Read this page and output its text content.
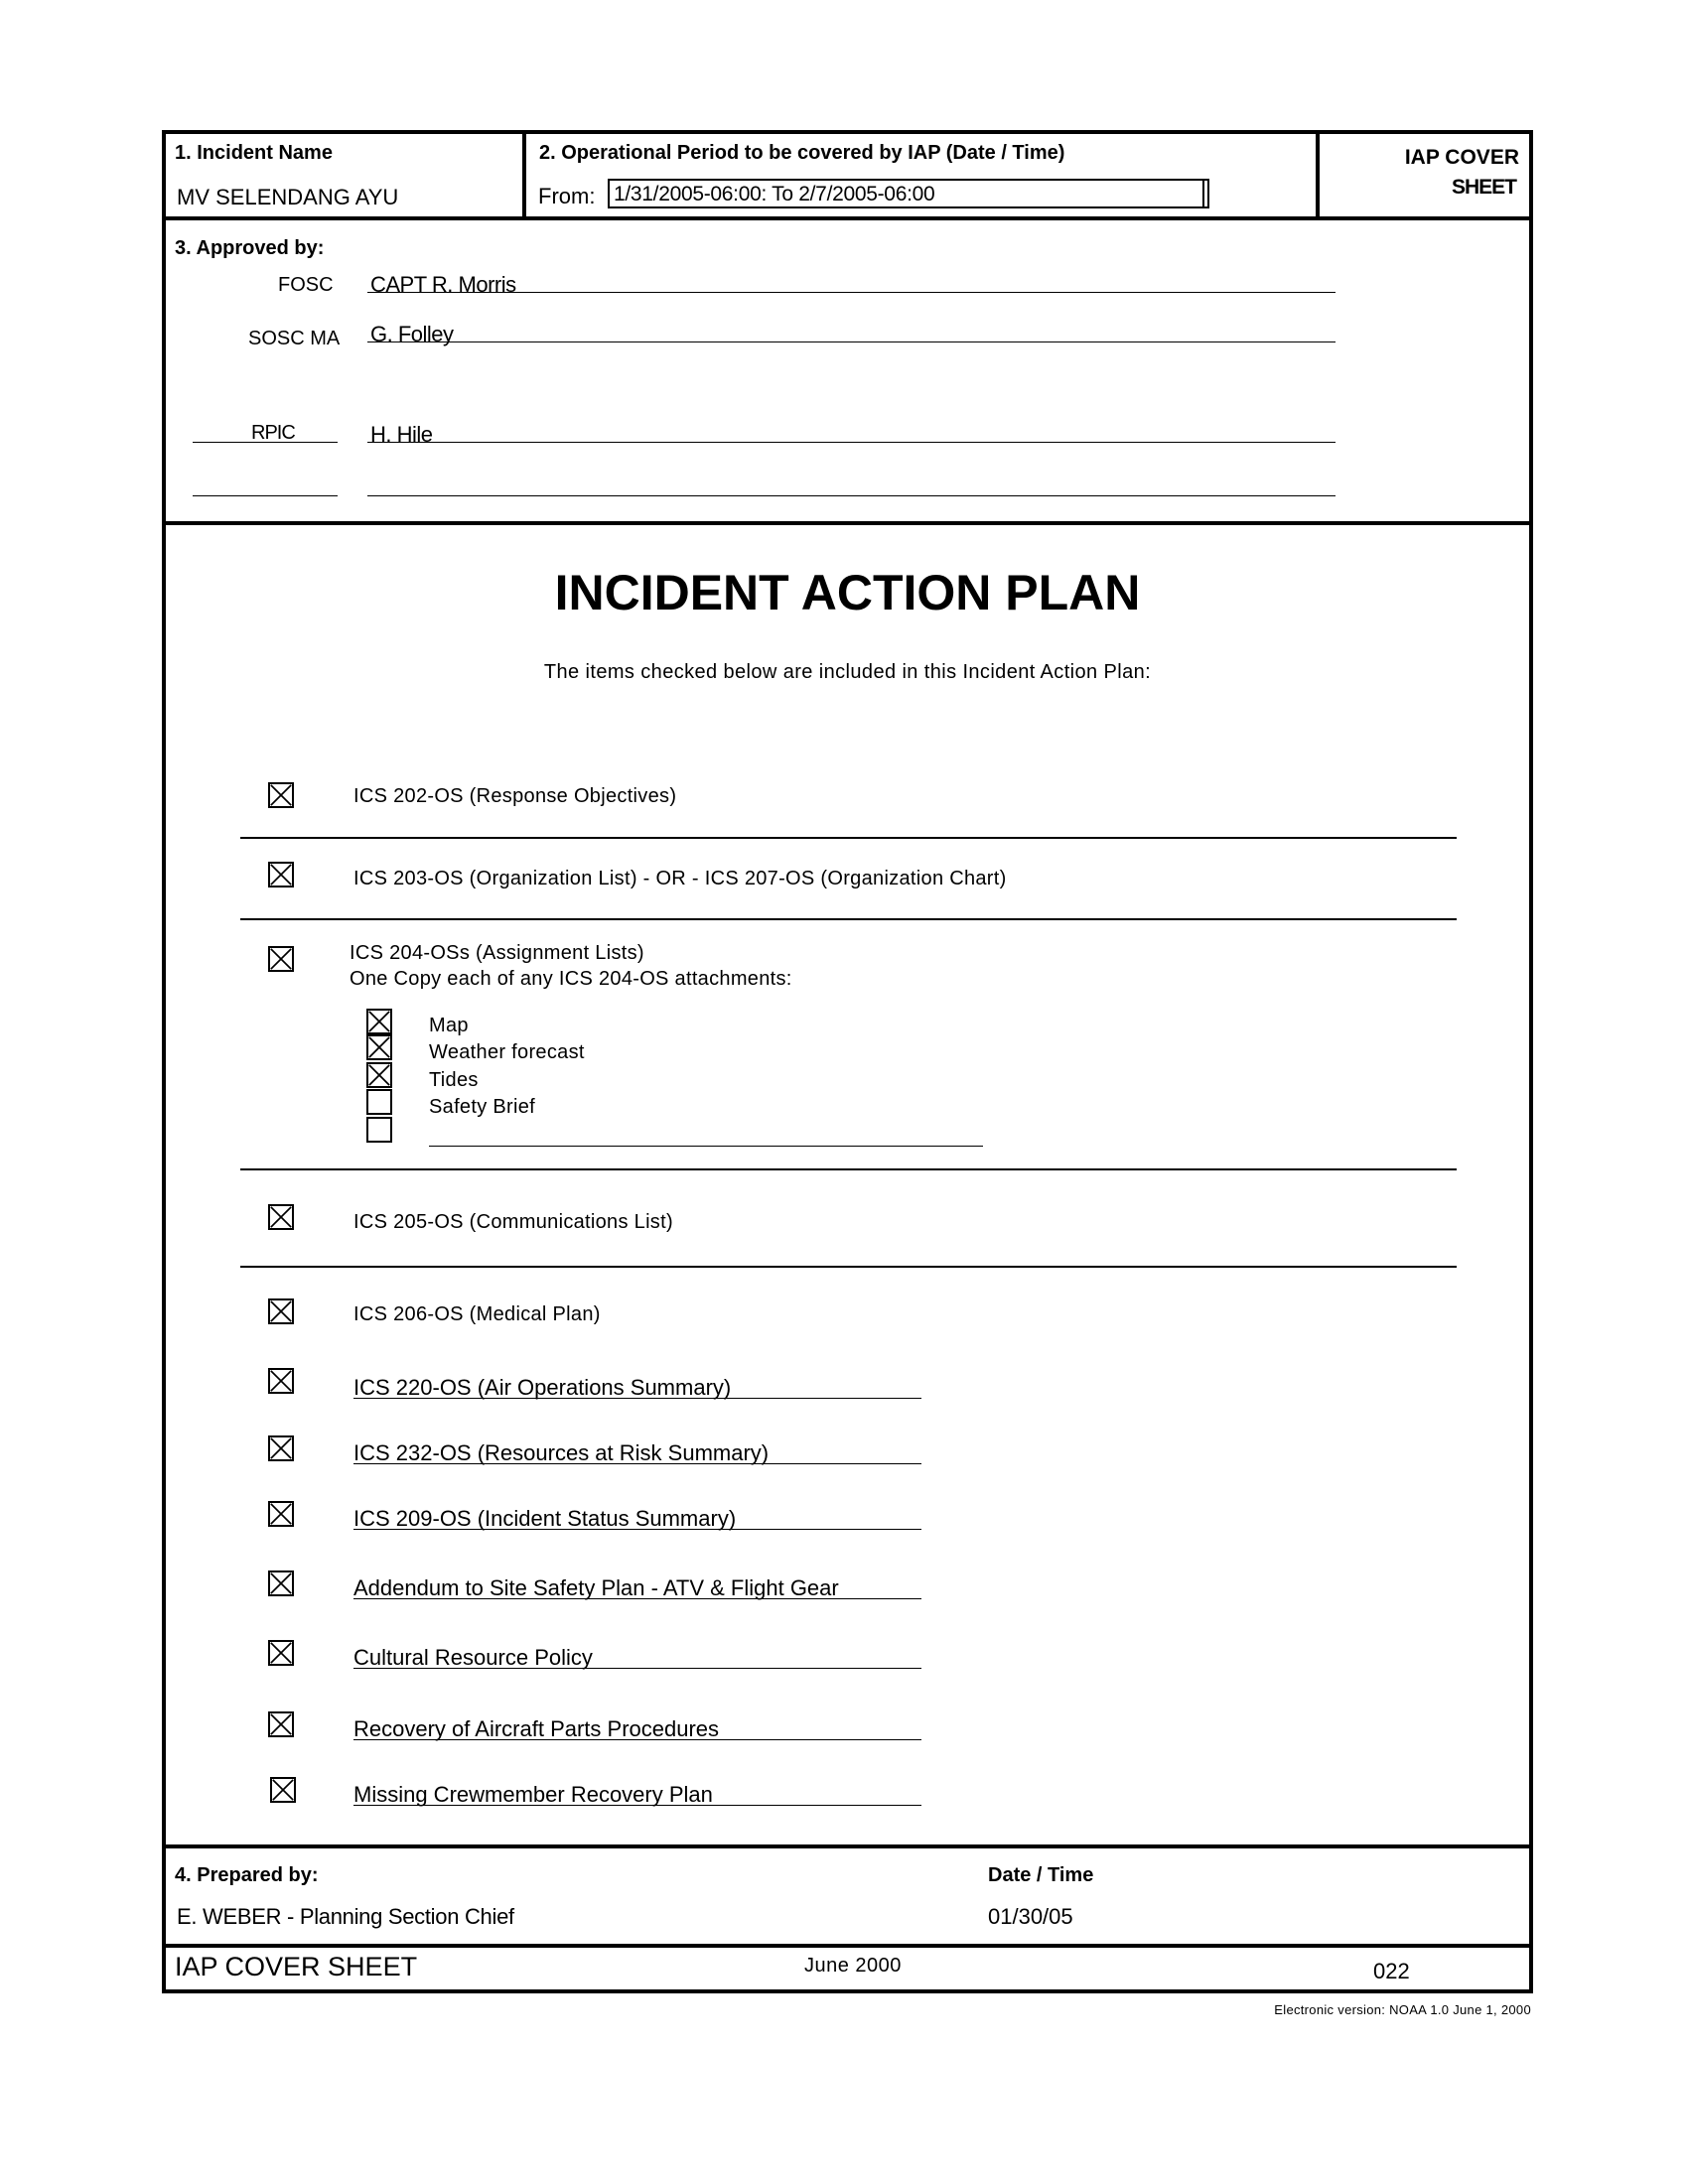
1. Incident Name
MV SELENDANG AYU
2. Operational Period to be covered by IAP (Date / Time)
From: 1/31/2005-06:00: To 2/7/2005-06:00
IAP COVER
SHEET
3. Approved by:
FOSC CAPT R. Morris
SOSC MA G. Folley
RPIC	H. Hile
INCIDENT ACTION PLAN
The items checked below are included in this Incident Action Plan:
ICS 202-OS (Response Objectives)
ICS 203-OS (Organization List) - OR - ICS 207-OS (Organization Chart)
ICS 204-OSs (Assignment Lists)
One Copy each of any ICS 204-OS attachments:
Map
Weather forecast
Tides
Safety Brief
ICS 205-OS (Communications List)
ICS 206-OS (Medical Plan)
ICS 220-OS (Air Operations Summary)
ICS 232-OS (Resources at Risk Summary)
ICS 209-OS (Incident Status Summary)
Addendum to Site Safety Plan - ATV & Flight Gear
Cultural Resource Policy
Recovery of Aircraft Parts Procedures
Missing Crewmember Recovery Plan
4. Prepared by:
E. WEBER - Planning Section Chief
Date / Time
01/30/05
IAP COVER SHEET	June 2000	022
Electronic version: NOAA 1.0 June 1, 2000
